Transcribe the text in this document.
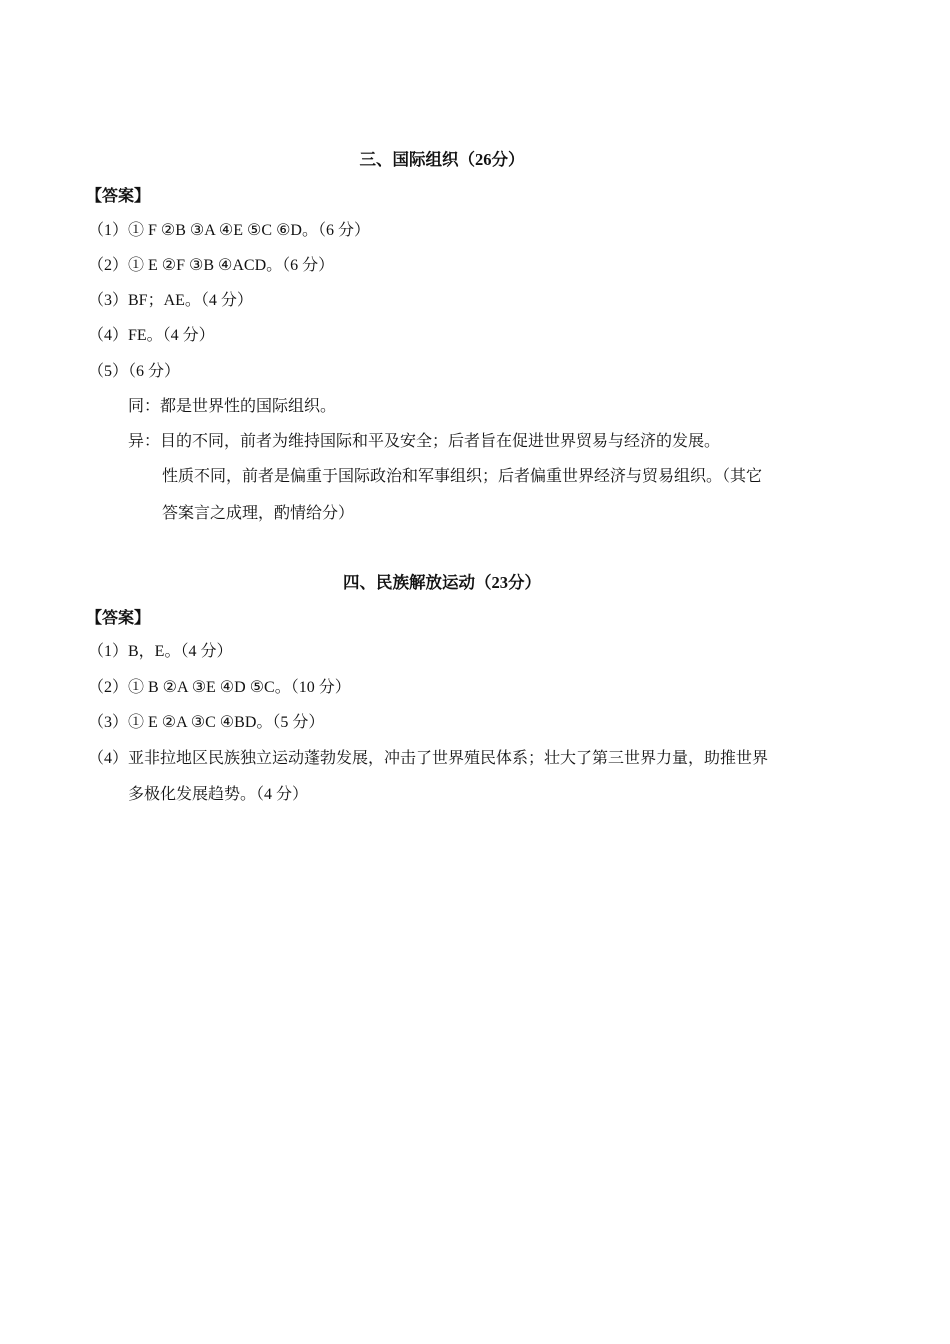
三、国际组织（26分）
【答案】
（1）① F ②B ③A ④E ⑤C ⑥D。（6 分）
（2）① E ②F ③B ④ACD。（6 分）
（3）BF；AE。（4 分）
（4）FE。（4 分）
（5）（6 分）
同：都是世界性的国际组织。
异：目的不同，前者为维持国际和平及安全；后者旨在促进世界贸易与经济的发展。
性质不同，前者是偏重于国际政治和军事组织；后者偏重世界经济与贸易组织。（其它
答案言之成理，酌情给分）
四、民族解放运动（23分）
【答案】
（1）B，E。（4 分）
（2）① B ②A ③E ④D ⑤C。（10 分）
（3）① E ②A ③C ④BD。（5 分）
（4）亚非拉地区民族独立运动蓬勃发展，冲击了世界殖民体系；壮大了第三世界力量，助推世界
多极化发展趋势。（4 分）
